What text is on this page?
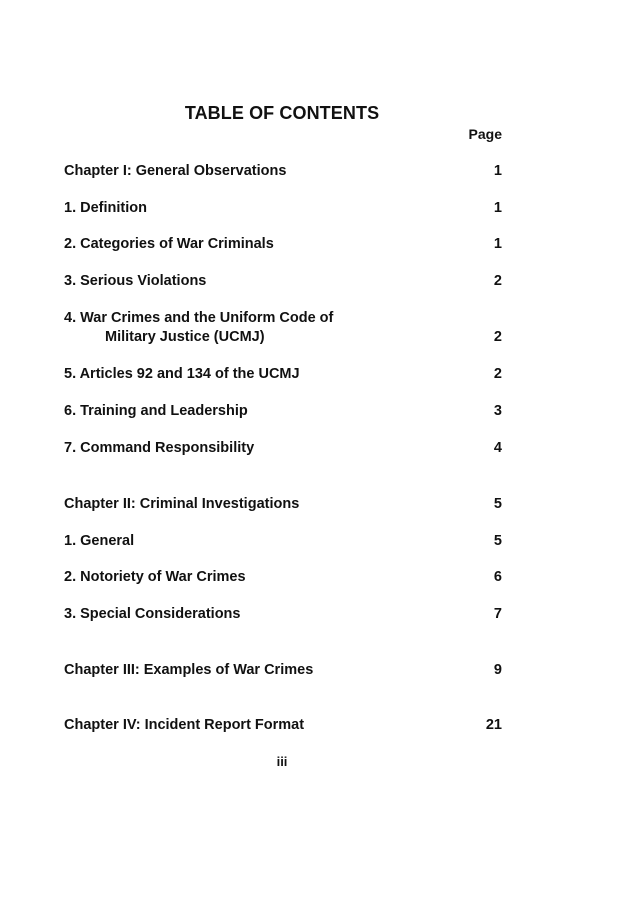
TABLE OF CONTENTS
Page
Chapter I: General Observations	1
1. Definition	1
2. Categories of War Criminals	1
3. Serious Violations	2
4. War Crimes and the Uniform Code of
Military Justice (UCMJ)	2
5. Articles 92 and 134 of the UCMJ	2
6. Training and Leadership	3
7. Command Responsibility	4
Chapter II: Criminal Investigations	5
1. General	5
2. Notoriety of War Crimes	6
3. Special Considerations	7
Chapter III: Examples of War Crimes	9
Chapter IV: Incident Report Format	21
iii
